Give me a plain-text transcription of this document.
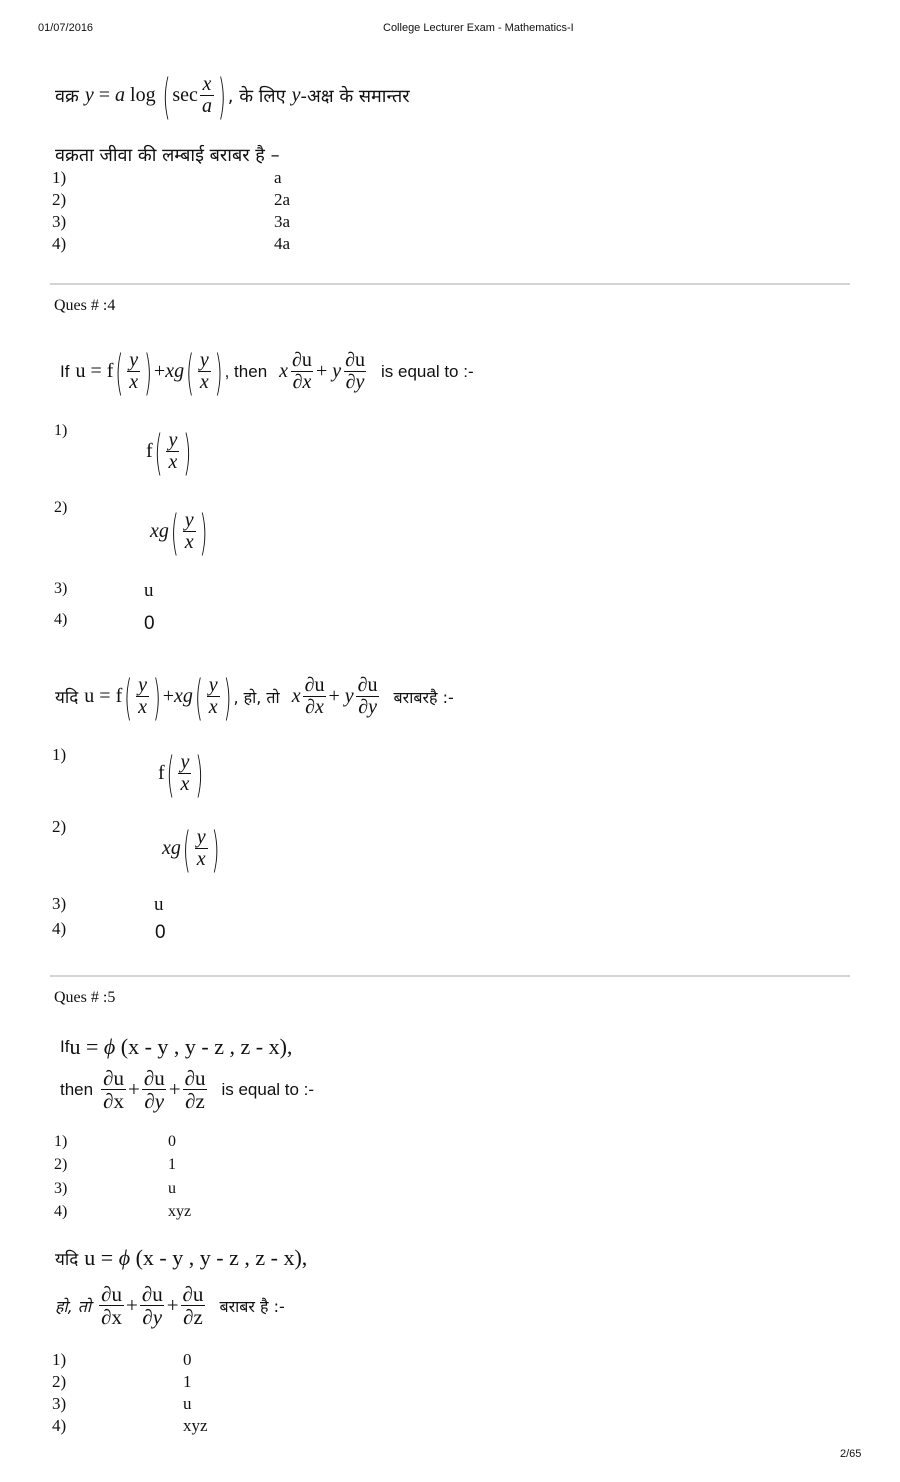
01/07/2016	College Lecturer Exam - Mathematics-I
वक्र y
=
a
log
( $\sec \frac{x}{a}$ ) , के लिए y -अक्ष के समान्तर
वक्रता जीवा की लम्बाई बराबर है –
1)	a
2)	2a
3)	3a
4)	4a
Ques # :4
If u
=
f ( $\frac{y}{x}$ ) + xg ( $\frac{y}{x}$ ) , then x $\frac{\partial u}{\partial x}$ +
y $\frac{\partial u}{\partial y}$ is equal to :-
1)
f ( $\frac{y}{x}$ )
2)
xg ( $\frac{y}{x}$ )
3)	u
4)	0
यदि u
=
f ( $\frac{y}{x}$ ) + xg ( $\frac{y}{x}$ ) , हो, तो x $\frac{\partial u}{\partial x}$ +
y $\frac{\partial u}{\partial y}$ बराबरहै :-
1)
f ( $\frac{y}{x}$ )
2)
xg ( $\frac{y}{x}$ )
3)	u
4)	0
Ques # :5
If u
=
ϕ
(x - y , y - z , z - x),
then $\frac{\partial u}{\partial x} + \frac{\partial u}{\partial y} + \frac{\partial u}{\partial z}$ is equal to :-
1)	0
2)	1
3)	u
4)	xyz
यदि u
=
ϕ
(x - y , y - z , z - x),
हो, तो $\frac{\partial u}{\partial x} + \frac{\partial u}{\partial y} + \frac{\partial u}{\partial z}$ बराबर है :-
1)	0
2)	1
3)	u
4)	xyz
2/65
